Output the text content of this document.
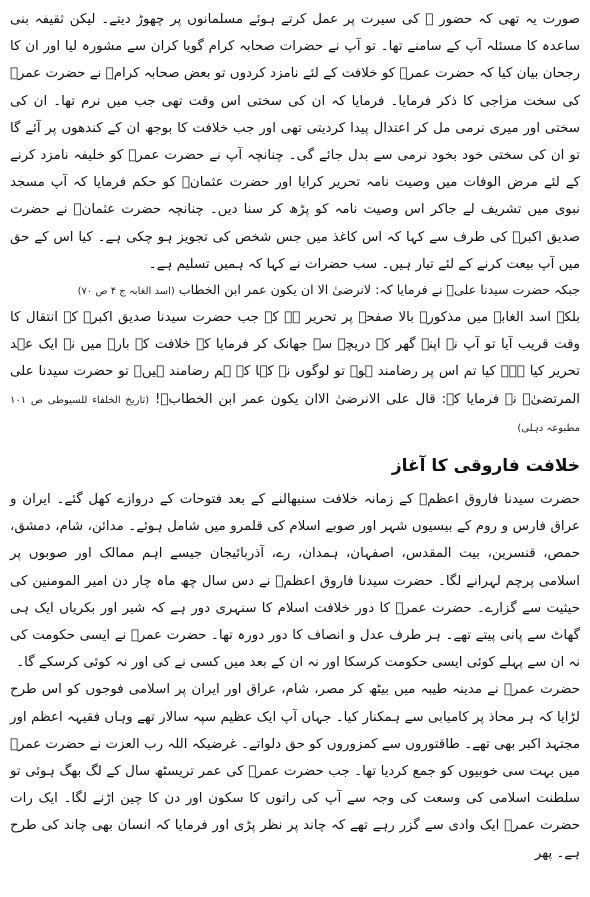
صورت یہ تھی کہ حضور ﷺ کی سیرت پر عمل کرتے ہوئے مسلمانوں پر چھوڑ دیتے۔ لیکن ثقیفہ بنی ساعدہ کا مسئلہ آپ کے سامنے تھا۔ تو آپ نے حضرات صحابہ کرام گویا کران سے مشورہ لیا اور ان کا رجحان بیان کیا کہ حضرت عمرؓ کو خلافت کے لئے نامزد کردوں تو بعض صحابہ کرامؓ نے حضرت عمرؓ کی سخت مزاجی کا ذکر فرمایا۔ فرمایا کہ ان کی سختی اس وقت تھی جب میں نرم تھا۔ ان کی سختی اور میری نرمی مل کر اعتدال پیدا کردیتی تھی اور جب خلافت کا بوجھ ان کے کندھوں پر آئے گا تو ان کی سختی خود بخود نرمی سے بدل جائے گی۔ چنانچہ آپ نے حضرت عمرؓ کو خلیفہ نامزد کرنے کے لئے مرض الوفات میں وصیت نامہ تحریر کرایا اور حضرت عثمانؓ کو حکم فرمایا کہ آپ مسجد نبوی میں تشریف لے جاکر اس وصیت نامہ کو پڑھ کر سنا دیں۔ چنانچہ حضرت عثمانؓ نے حضرت صدیق اکبرؓ کی طرف سے کہا کہ اس کاغذ میں جس شخص کی تجویز ہو چکی ہے۔ کیا اس کے حق میں آپ بیعت کرنے کے لئے تیار ہیں۔ سب حضرات نے کہا کہ ہمیں تسلیم ہے۔

جبکہ حضرت سیدنا علیؓ نے فرمایا کہ: لانرضیٰ الا ان یکون عمر ابن الخطاب (اسد الغابہ ج ۴ ص ۷۰)

بلکہ اسد الغابہ میں مذکورہ بالا صفحہ پر تحریر ہے کہ جب حضرت سیدنا صدیق اکبرؓ کے انتقال کا وقت قریب آیا تو آپ نے اپنے گھر کے دریچے سے جھانک کر فرمایا کہ خلافت کے بارہ میں نے ایک عہد تحریر کیا ہے۔ کیا تم اس پر رضامند ہو۔ تو لوگوں نے کہا کہ ہم رضامند ہیں۔ تو حضرت سیدنا علی المرتضیٰؓ نے فرمایا کہ: قال علی الانرضیٰ الاان یکون عمر ابن الخطابؓ! (تاریخ الخلفاء للسیوطی ص ۱۰۱ مطبوعہ دہلی)

خلافت فاروقی کا آغاز

حضرت سیدنا فاروق اعظمؓ کے زمانہ خلافت سنبھالنے کے بعد فتوحات کے دروازے کھل گئے۔ ایران و عراق فارس و روم کے بیسیوں شہر اور صوبے اسلام کی قلمرو میں شامل ہوئے۔ مدائن، شام، دمشق، حمص، قنسرین، بیت المقدس، اصفہان، ہمدان، رے، آذربائیجان جیسے اہم ممالک اور صوبوں پر اسلامی پرچم لہرانے لگا۔ حضرت سیدنا فاروق اعظمؓ نے دس سال چھ ماہ چار دن امیر المومنین کی حیثیت سے گزارے۔ حضرت عمرؓ کا دور خلافت اسلام کا سنہری دور ہے کہ شیر اور بکریاں ایک ہی گھاٹ سے پانی پیتے تھے۔ ہر طرف عدل و انصاف کا دور دورہ تھا۔ حضرت عمرؓ نے ایسی حکومت کی نہ ان سے پہلے کوئی ایسی حکومت کرسکا اور نہ ان کے بعد میں کسی نے کی اور نہ کوئی کرسکے گا۔

حضرت عمرؓ نے مدینہ طیبہ میں بیٹھ کر مصر، شام، عراق اور ایران پر اسلامی فوجوں کو اس طرح لڑایا کہ ہر محاذ پر کامیابی سے ہمکنار کیا۔ جہاں آپ ایک عظیم سپہ سالار تھے وہاں فقیہہ اعظم اور مجتہد اکبر بھی تھے۔ طاقتوروں سے کمزوروں کو حق دلواتے۔ غرضیکہ اللہ رب العزت نے حضرت عمرؓ میں بہت سی خوبیوں کو جمع کردیا تھا۔ جب حضرت عمرؓ کی عمر تریسٹھ سال کے لگ بھگ ہوئی تو سلطنت اسلامی کی وسعت کی وجہ سے آپ کی راتوں کا سکون اور دن کا چین اڑنے لگا۔ ایک رات حضرت عمرؓ ایک وادی سے گزر رہے تھے کہ چاند پر نظر پڑی اور فرمایا کہ انسان بھی چاند کی طرح ہے۔ پھر
